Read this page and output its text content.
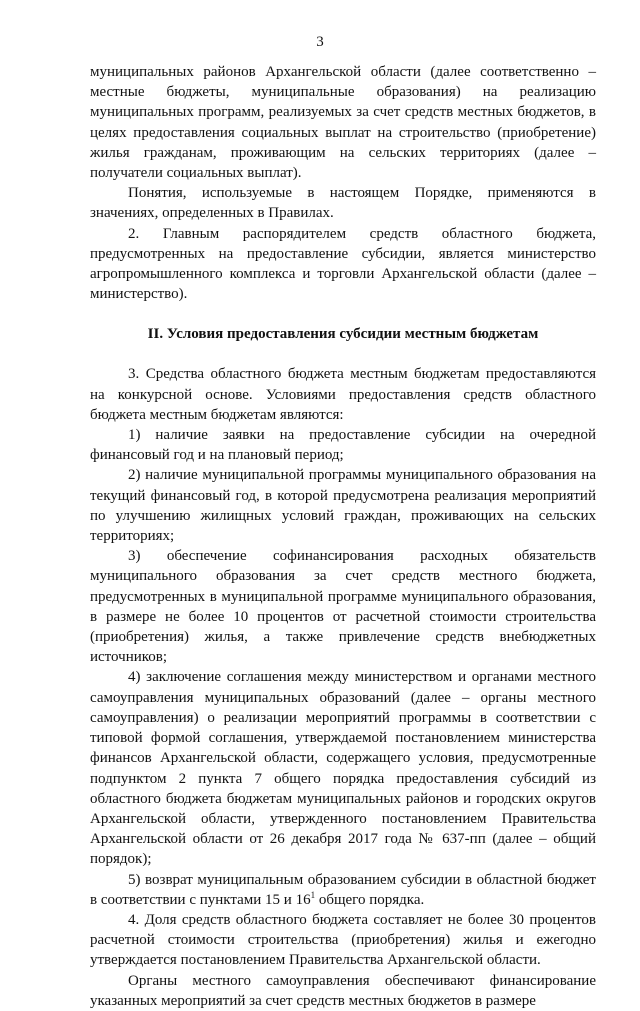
3

муниципальных районов Архангельской области (далее соответственно – местные бюджеты, муниципальные образования) на реализацию муниципальных программ, реализуемых за счет средств местных бюджетов, в целях предоставления социальных выплат на строительство (приобретение) жилья гражданам, проживающим на сельских территориях (далее – получатели социальных выплат).

Понятия, используемые в настоящем Порядке, применяются в значениях, определенных в Правилах.

2. Главным распорядителем средств областного бюджета, предусмотренных на предоставление субсидии, является министерство агропромышленного комплекса и торговли Архангельской области (далее – министерство).

II. Условия предоставления субсидии местным бюджетам

3. Средства областного бюджета местным бюджетам предоставляются на конкурсной основе. Условиями предоставления средств областного бюджета местным бюджетам являются:

1) наличие заявки на предоставление субсидии на очередной финансовый год и на плановый период;

2) наличие муниципальной программы муниципального образования на текущий финансовый год, в которой предусмотрена реализация мероприятий по улучшению жилищных условий граждан, проживающих на сельских территориях;

3) обеспечение софинансирования расходных обязательств муниципального образования за счет средств местного бюджета, предусмотренных в муниципальной программе муниципального образования, в размере не более 10 процентов от расчетной стоимости строительства (приобретения) жилья, а также привлечение средств внебюджетных источников;

4) заключение соглашения между министерством и органами местного самоуправления муниципальных образований (далее – органы местного самоуправления) о реализации мероприятий программы в соответствии с типовой формой соглашения, утверждаемой постановлением министерства финансов Архангельской области, содержащего условия, предусмотренные подпунктом 2 пункта 7 общего порядка предоставления субсидий из областного бюджета бюджетам муниципальных районов и городских округов Архангельской области, утвержденного постановлением Правительства Архангельской области от 26 декабря 2017 года № 637-пп (далее – общий порядок);

5) возврат муниципальным образованием субсидии в областной бюджет в соответствии с пунктами 15 и $16^1$ общего порядка.

4. Доля средств областного бюджета составляет не более 30 процентов расчетной стоимости строительства (приобретения) жилья и ежегодно утверждается постановлением Правительства Архангельской области.

Органы местного самоуправления обеспечивают финансирование указанных мероприятий за счет средств местных бюджетов в размере
